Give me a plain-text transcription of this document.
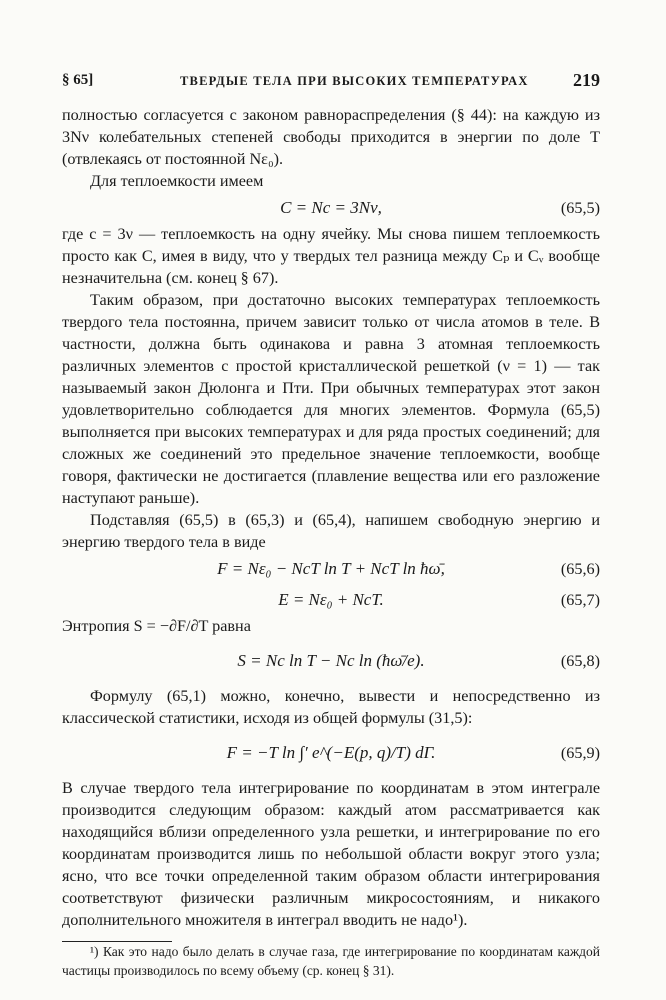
§ 65]	ТВЕРДЫЕ ТЕЛА ПРИ ВЫСОКИХ ТЕМПЕРАТУРАХ 219

полностью согласуется с законом равнораспределения (§ 44): на каждую из 3Nν колебательных степеней свободы приходится в энергии по доле T (отвлекаясь от постоянной Nε₀).

Для теплоемкости имеем

C = Nc = 3Nν,	(65,5)

где c = 3ν — теплоемкость на одну ячейку. Мы снова пишем теплоемкость просто как C, имея в виду, что у твердых тел разница между Cₚ и Cᵥ вообще незначительна (см. конец § 67).

Таким образом, при достаточно высоких температурах теплоемкость твердого тела постоянна, причем зависит только от числа атомов в теле. В частности, должна быть одинакова и равна 3 атомная теплоемкость различных элементов с простой кристаллической решеткой (ν = 1) — так называемый закон Дюлонга и Пти. При обычных температурах этот закон удовлетворительно соблюдается для многих элементов. Формула (65,5) выполняется при высоких температурах и для ряда простых соединений; для сложных же соединений это предельное значение теплоемкости, вообще говоря, фактически не достигается (плавление вещества или его разложение наступают раньше).

Подставляя (65,5) в (65,3) и (65,4), напишем свободную энергию и энергию твердого тела в виде

F = Nε₀ − NcT ln T + NcT ln ħω̄,	(65,6)
E = Nε₀ + NcT.	(65,7)

Энтропия S = −∂F/∂T равна

S = Nc ln T − Nc ln (ħω̄/e).	(65,8)

Формулу (65,1) можно, конечно, вывести и непосредственно из классической статистики, исходя из общей формулы (31,5):

F = −T ln ∫′ e^(−E(p, q)/T) dΓ.	(65,9)

В случае твердого тела интегрирование по координатам в этом интеграле производится следующим образом: каждый атом рассматривается как находящийся вблизи определенного узла решетки, и интегрирование по его координатам производится лишь по небольшой области вокруг этого узла; ясно, что все точки определенной таким образом области интегрирования соответствуют физически различным микросостояниям, и никакого дополнительного множителя в интеграл вводить не надо¹).

¹) Как это надо было делать в случае газа, где интегрирование по координатам каждой частицы производилось по всему объему (ср. конец § 31).
